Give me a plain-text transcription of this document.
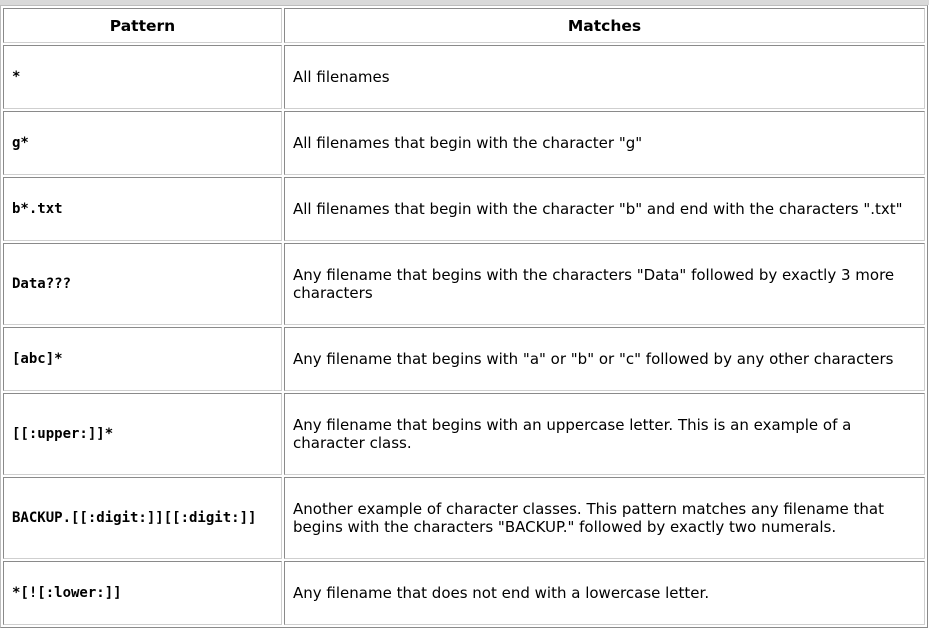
Pattern	Matches
*	All filenames
g*	All filenames that begin with the character "g"
b*.txt	All filenames that begin with the character "b" and end with the characters ".txt"
Data???	Any filename that begins with the characters "Data" followed by exactly 3 more characters
[abc]*	Any filename that begins with "a" or "b" or "c" followed by any other characters
[[:upper:]]*	Any filename that begins with an uppercase letter. This is an example of a character class.
BACKUP.[[:digit:]][[:digit:]]	Another example of character classes. This pattern matches any filename that begins with the characters "BACKUP." followed by exactly two numerals.
*[![:lower:]]	Any filename that does not end with a lowercase letter.
